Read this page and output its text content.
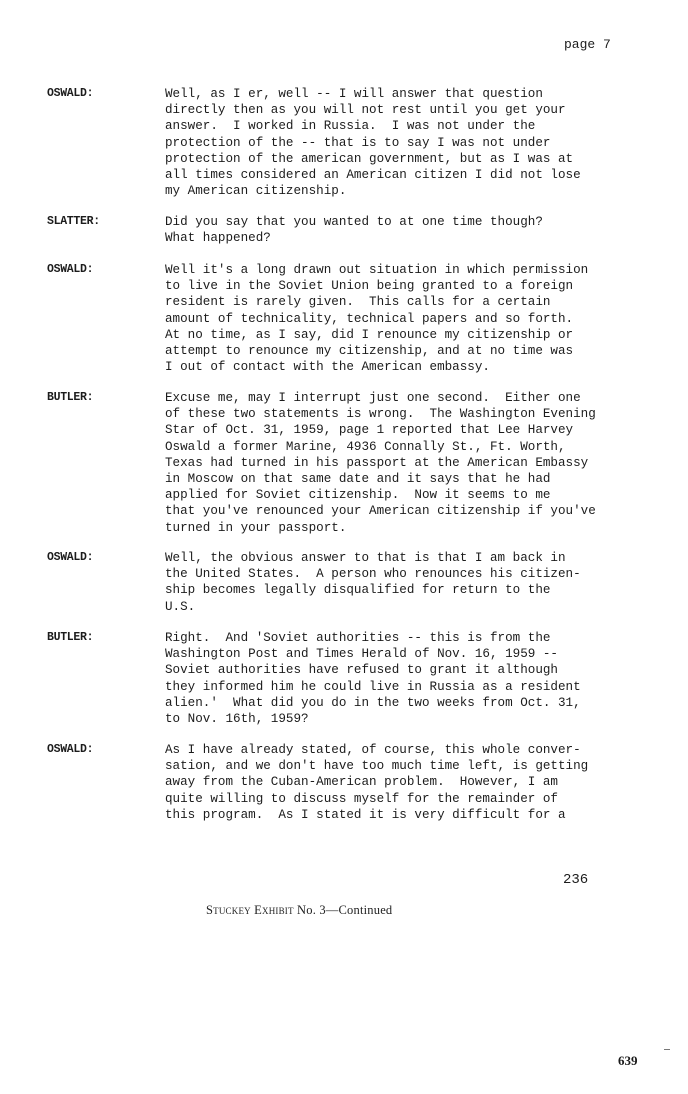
page 7
OSWALD:	Well, as I er, well -- I will answer that question
directly then as you will not rest until you get your
answer.  I worked in Russia.  I was not under the
protection of the -- that is to say I was not under
protection of the american government, but as I was at
all times considered an American citizen I did not lose
my American citizenship.
SLATTER:	Did you say that you wanted to at one time though?
What happened?
OSWALD:	Well it's a long drawn out situation in which permission
to live in the Soviet Union being granted to a foreign
resident is rarely given.  This calls for a certain
amount of technicality, technical papers and so forth.
At no time, as I say, did I renounce my citizenship or
attempt to renounce my citizenship, and at no time was
I out of contact with the American embassy.
BUTLER:	Excuse me, may I interrupt just one second.  Either one
of these two statements is wrong.  The Washington Evening
Star of Oct. 31, 1959, page 1 reported that Lee Harvey
Oswald a former Marine, 4936 Connally St., Ft. Worth,
Texas had turned in his passport at the American Embassy
in Moscow on that same date and it says that he had
applied for Soviet citizenship.  Now it seems to me
that you've renounced your American citizenship if you've
turned in your passport.
OSWALD:	Well, the obvious answer to that is that I am back in
the United States.  A person who renounces his citizen-
ship becomes legally disqualified for return to the
U.S.
BUTLER:	Right.  And 'Soviet authorities -- this is from the
Washington Post and Times Herald of Nov. 16, 1959 --
Soviet authorities have refused to grant it although
they informed him he could live in Russia as a resident
alien.'  What did you do in the two weeks from Oct. 31,
to Nov. 16th, 1959?
OSWALD:	As I have already stated, of course, this whole conver-
sation, and we don't have too much time left, is getting
away from the Cuban-American problem.  However, I am
quite willing to discuss myself for the remainder of
this program.  As I stated it is very difficult for a
236
Stuckey Exhibit No. 3—Continued
639
